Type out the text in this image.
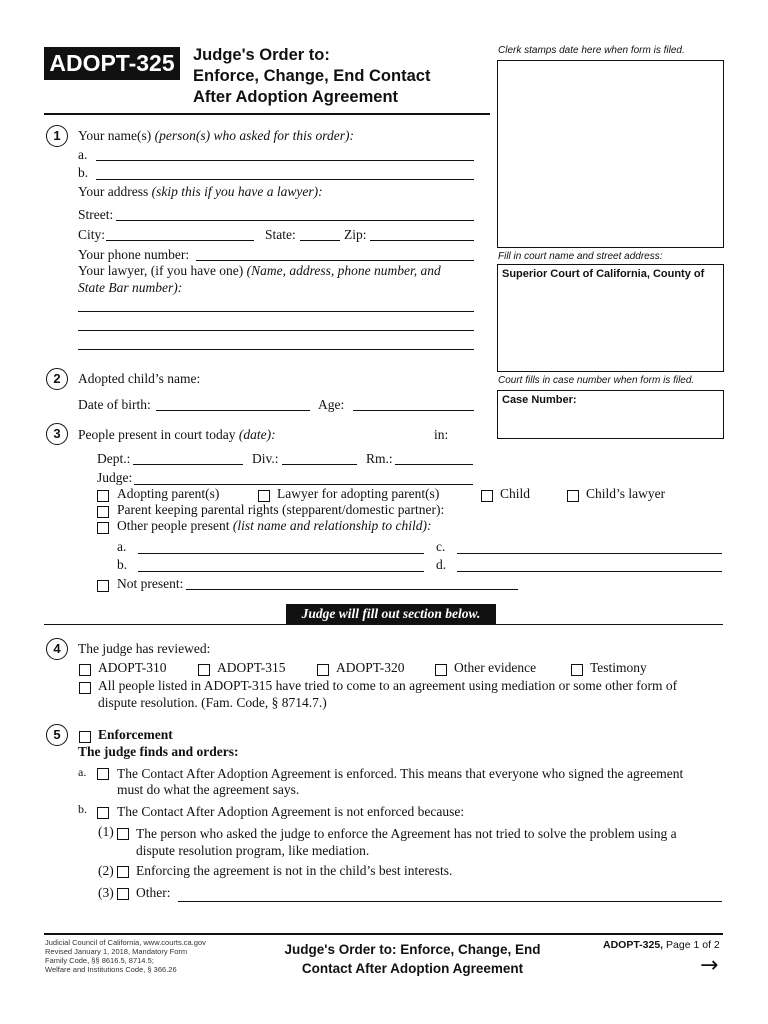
ADOPT-325	Judge's Order to:
Enforce, Change, End Contact
After Adoption Agreement
Clerk stamps date here when form is filed.
Fill in court name and street address:
Superior Court of California, County of
Court fills in case number when form is filed.
Case Number:
1	Your name(s) (person(s) who asked for this order):
a.
b.
Your address (skip this if you have a lawyer):
Street:
City:	State:	Zip:
Your phone number:
Your lawyer, (if you have one) (Name, address, phone number, and
State Bar number):
2	Adopted child’s name:
Date of birth:	Age:
3	People present in court today (date):	in:
Dept.:	Div.:	Rm.:
Judge:
Adopting parent(s)	Lawyer for adopting parent(s)	Child	Child’s lawyer
Parent keeping parental rights (stepparent/domestic partner):
Other people present (list name and relationship to child):
a.	c.
b.	d.
Not present:
Judge will fill out section below.
4	The judge has reviewed:
ADOPT-310	ADOPT-315	ADOPT-320	Other evidence	Testimony
All people listed in ADOPT-315 have tried to come to an agreement using mediation or some other form of
dispute resolution. (Fam. Code, § 8714.7.)
5	Enforcement
The judge finds and orders:
a. The Contact After Adoption Agreement is enforced. This means that everyone who signed the agreement
must do what the agreement says.
b. The Contact After Adoption Agreement is not enforced because:
(1) The person who asked the judge to enforce the Agreement has not tried to solve the problem using a
dispute resolution program, like mediation.
(2) Enforcing the agreement is not in the child’s best interests.
(3) Other:
Judicial Council of California, www.courts.ca.gov
Revised January 1, 2018, Mandatory Form
Family Code, §§ 8616.5, 8714.5;
Welfare and Institutions Code, § 366.26
Judge's Order to: Enforce, Change, End
Contact After Adoption Agreement
ADOPT-325, Page 1 of 2
→
